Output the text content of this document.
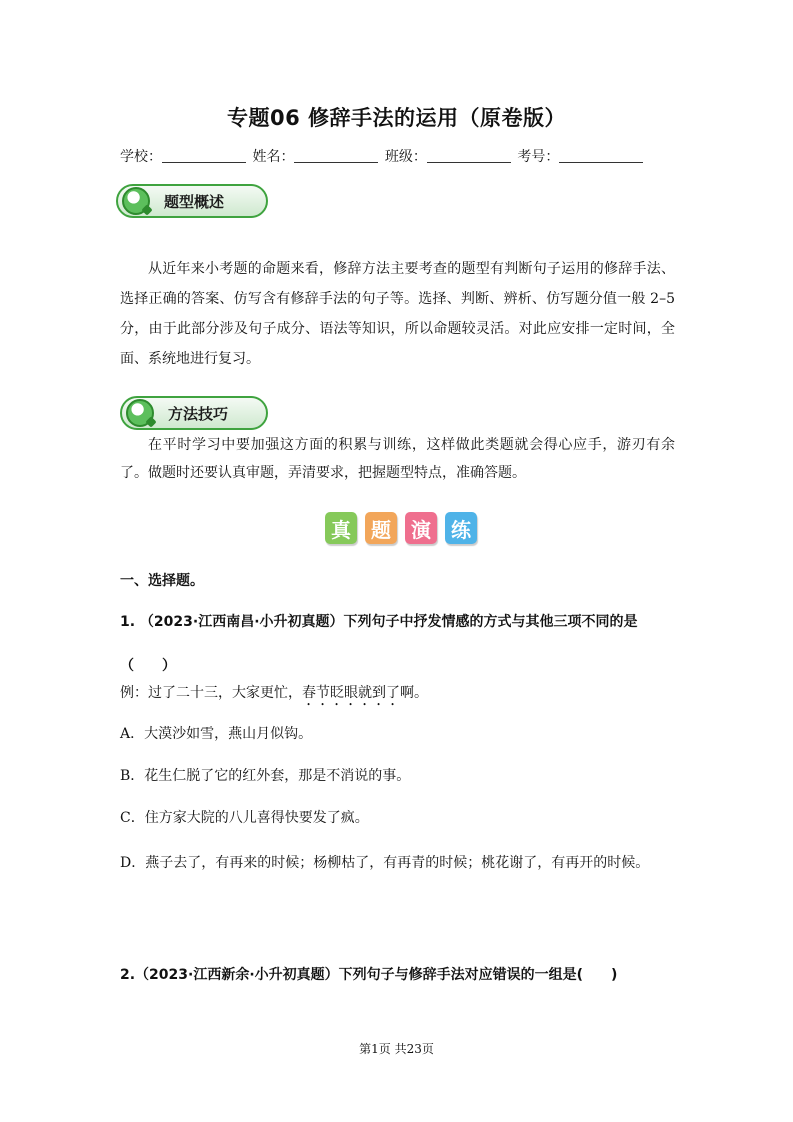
专题06 修辞手法的运用（原卷版）
学校：	姓名：	班级：	考号：
题型概述
从近年来小考题的命题来看，修辞方法主要考查的题型有判断句子运用的修辞手法、选择正确的答案、仿写含有修辞手法的句子等。选择、判断、辨析、仿写题分值一般 2–5 分，由于此部分涉及句子成分、语法等知识，所以命题较灵活。对此应安排一定时间，全面、系统地进行复习。
方法技巧
在平时学习中要加强这方面的积累与训练，这样做此类题就会得心应手，游刃有余了。做题时还要认真审题，弄清要求，把握题型特点，准确答题。
真	题	演	练
一、选择题。
1. （2023·江西南昌·小升初真题）下列句子中抒发情感的方式与其他三项不同的是（　　）
例：过了二十三，大家更忙，春节眨眼就到了啊。
A．大漠沙如雪，燕山月似钩。
B．花生仁脱了它的红外套，那是不消说的事。
C．住方家大院的八儿喜得快要发了疯。
D．燕子去了，有再来的时候；杨柳枯了，有再青的时候；桃花谢了，有再开的时候。
2.（2023·江西新余·小升初真题）下列句子与修辞手法对应错误的一组是(　　)
第1页 共23页
